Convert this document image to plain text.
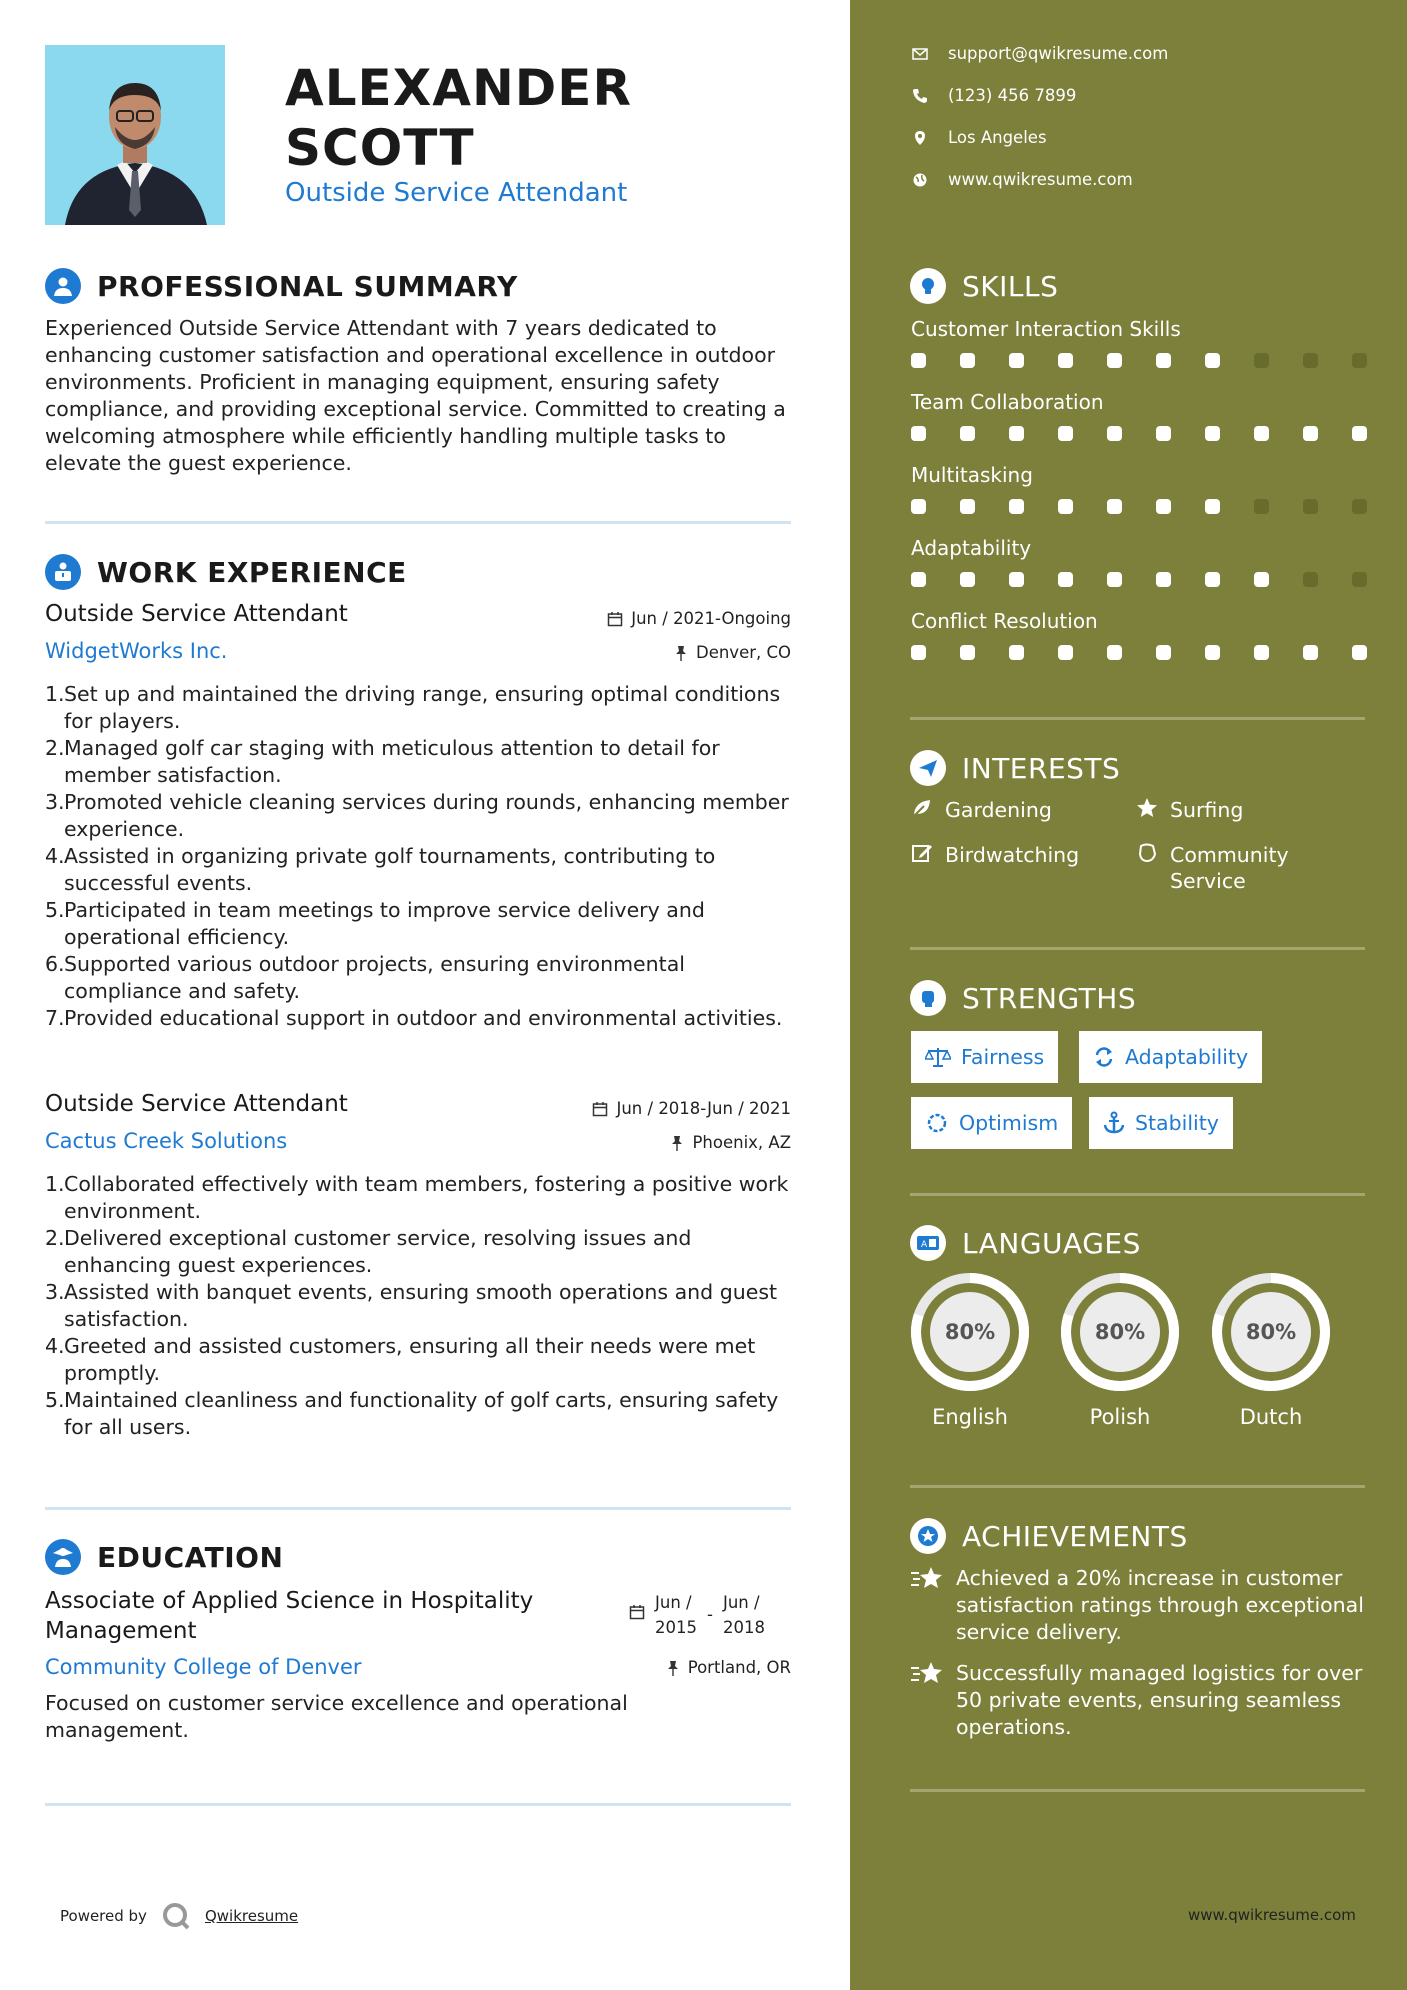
ALEXANDER
SCOTT
Outside Service Attendant
PROFESSIONAL SUMMARY
Experienced Outside Service Attendant with 7 years dedicated to enhancing customer satisfaction and operational excellence in outdoor environments. Proficient in managing equipment, ensuring safety compliance, and providing exceptional service. Committed to creating a welcoming atmosphere while efficiently handling multiple tasks to elevate the guest experience.
WORK EXPERIENCE
Outside Service Attendant	Jun / 2021-Ongoing
WidgetWorks Inc.	Denver, CO
1. Set up and maintained the driving range, ensuring optimal conditions for players.
2. Managed golf car staging with meticulous attention to detail for member satisfaction.
3. Promoted vehicle cleaning services during rounds, enhancing member experience.
4. Assisted in organizing private golf tournaments, contributing to successful events.
5. Participated in team meetings to improve service delivery and operational efficiency.
6. Supported various outdoor projects, ensuring environmental compliance and safety.
7. Provided educational support in outdoor and environmental activities.
Outside Service Attendant	Jun / 2018-Jun / 2021
Cactus Creek Solutions	Phoenix, AZ
1. Collaborated effectively with team members, fostering a positive work environment.
2. Delivered exceptional customer service, resolving issues and enhancing guest experiences.
3. Assisted with banquet events, ensuring smooth operations and guest satisfaction.
4. Greeted and assisted customers, ensuring all their needs were met promptly.
5. Maintained cleanliness and functionality of golf carts, ensuring safety for all users.
EDUCATION
Associate of Applied Science in Hospitality
Management
Jun /
2015
-
Jun /
2018
Community College of Denver	Portland, OR
Focused on customer service excellence and operational management.
Powered by	Qwikresume
support@qwikresume.com
(123) 456 7899
Los Angeles
www.qwikresume.com
SKILLS
Customer Interaction Skills
Team Collaboration
Multitasking
Adaptability
Conflict Resolution
INTERESTS
Gardening	Surfing
Birdwatching	Community Service
STRENGTHS
Fairness	Adaptability
Optimism	Stability
A LANGUAGES
80%
English
80%
Polish
80%
Dutch
ACHIEVEMENTS
Achieved a 20% increase in customer satisfaction ratings through exceptional service delivery.
Successfully managed logistics for over 50 private events, ensuring seamless operations.
www.qwikresume.com
